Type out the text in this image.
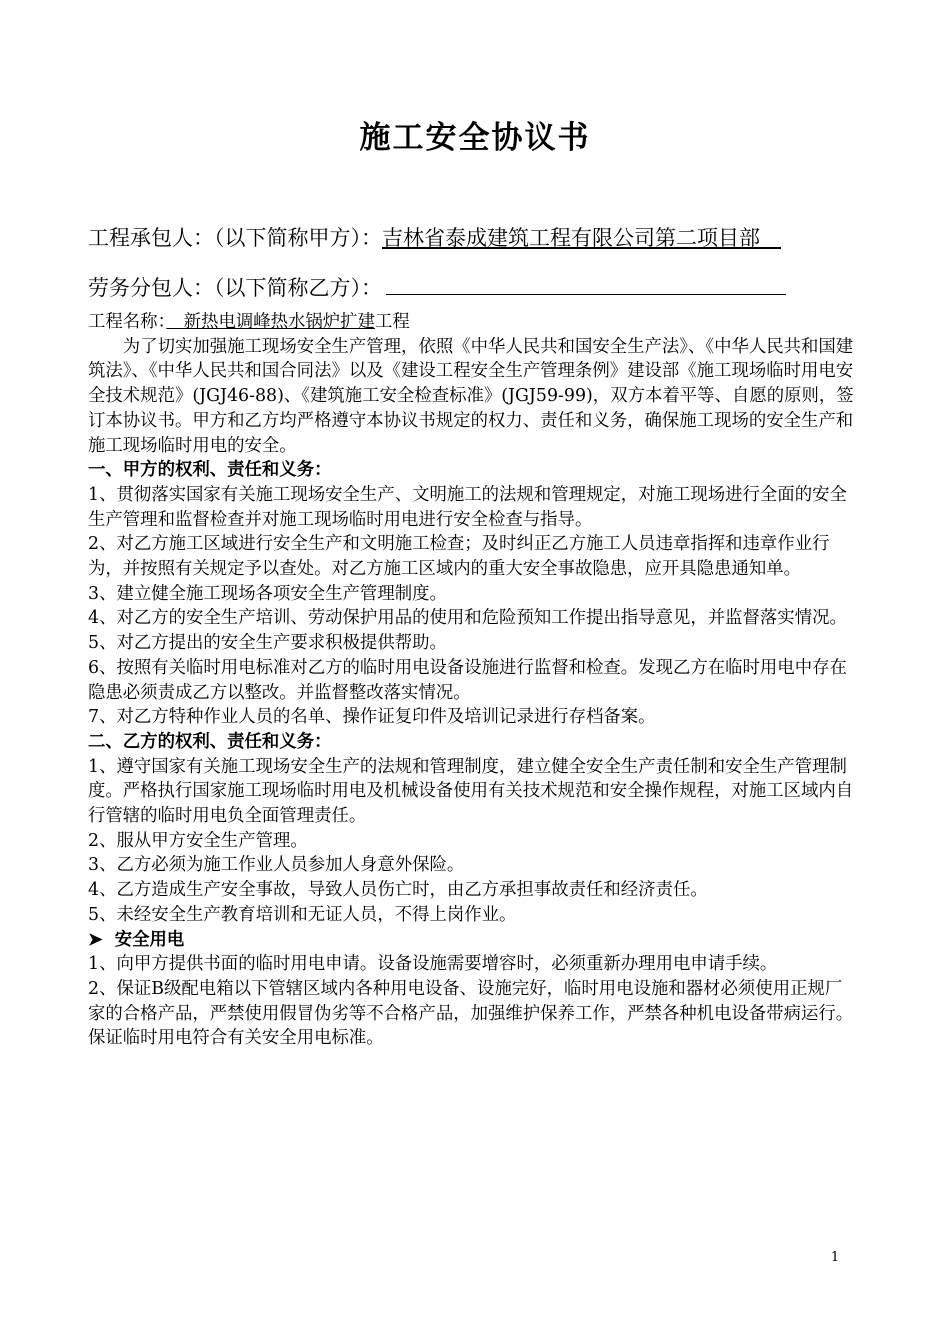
施工安全协议书
工程承包人：（以下简称甲方）：吉林省泰成建筑工程有限公司第二项目部　
劳务分包人：（以下简称乙方）：

工程名称：　新热电调峰热水锅炉扩建工程

为了切实加强施工现场安全生产管理，依照《中华人民共和国安全生产法》、《中华人民共和国建筑法》、《中华人民共和国合同法》以及《建设工程安全生产管理条例》建设部《施工现场临时用电安全技术规范》(JGJ46-88)、《建筑施工安全检查标准》(JGJ59-99)，双方本着平等、自愿的原则，签订本协议书。甲方和乙方均严格遵守本协议书规定的权力、责任和义务，确保施工现场的安全生产和施工现场临时用电的安全。

一、甲方的权利、责任和义务：

1、贯彻落实国家有关施工现场安全生产、文明施工的法规和管理规定，对施工现场进行全面的安全生产管理和监督检查并对施工现场临时用电进行安全检查与指导。

2、对乙方施工区域进行安全生产和文明施工检查；及时纠正乙方施工人员违章指挥和违章作业行为，并按照有关规定予以查处。对乙方施工区域内的重大安全事故隐患，应开具隐患通知单。

3、建立健全施工现场各项安全生产管理制度。

4、对乙方的安全生产培训、劳动保护用品的使用和危险预知工作提出指导意见，并监督落实情况。

5、对乙方提出的安全生产要求积极提供帮助。

6、按照有关临时用电标准对乙方的临时用电设备设施进行监督和检查。发现乙方在临时用电中存在隐患必须责成乙方以整改。并监督整改落实情况。

7、对乙方特种作业人员的名单、操作证复印件及培训记录进行存档备案。

二、乙方的权利、责任和义务：

1、遵守国家有关施工现场安全生产的法规和管理制度，建立健全安全生产责任制和安全生产管理制度。严格执行国家施工现场临时用电及机械设备使用有关技术规范和安全操作规程，对施工区域内自行管辖的临时用电负全面管理责任。

2、服从甲方安全生产管理。

3、乙方必须为施工作业人员参加人身意外保险。

4、乙方造成生产安全事故，导致人员伤亡时，由乙方承担事故责任和经济责任。

5、未经安全生产教育培训和无证人员，不得上岗作业。

➤ 安全用电

1、向甲方提供书面的临时用电申请。设备设施需要增容时，必须重新办理用电申请手续。

2、保证B级配电箱以下管辖区域内各种用电设备、设施完好，临时用电设施和器材必须使用正规厂家的合格产品，严禁使用假冒伪劣等不合格产品，加强维护保养工作，严禁各种机电设备带病运行。保证临时用电符合有关安全用电标准。

1
